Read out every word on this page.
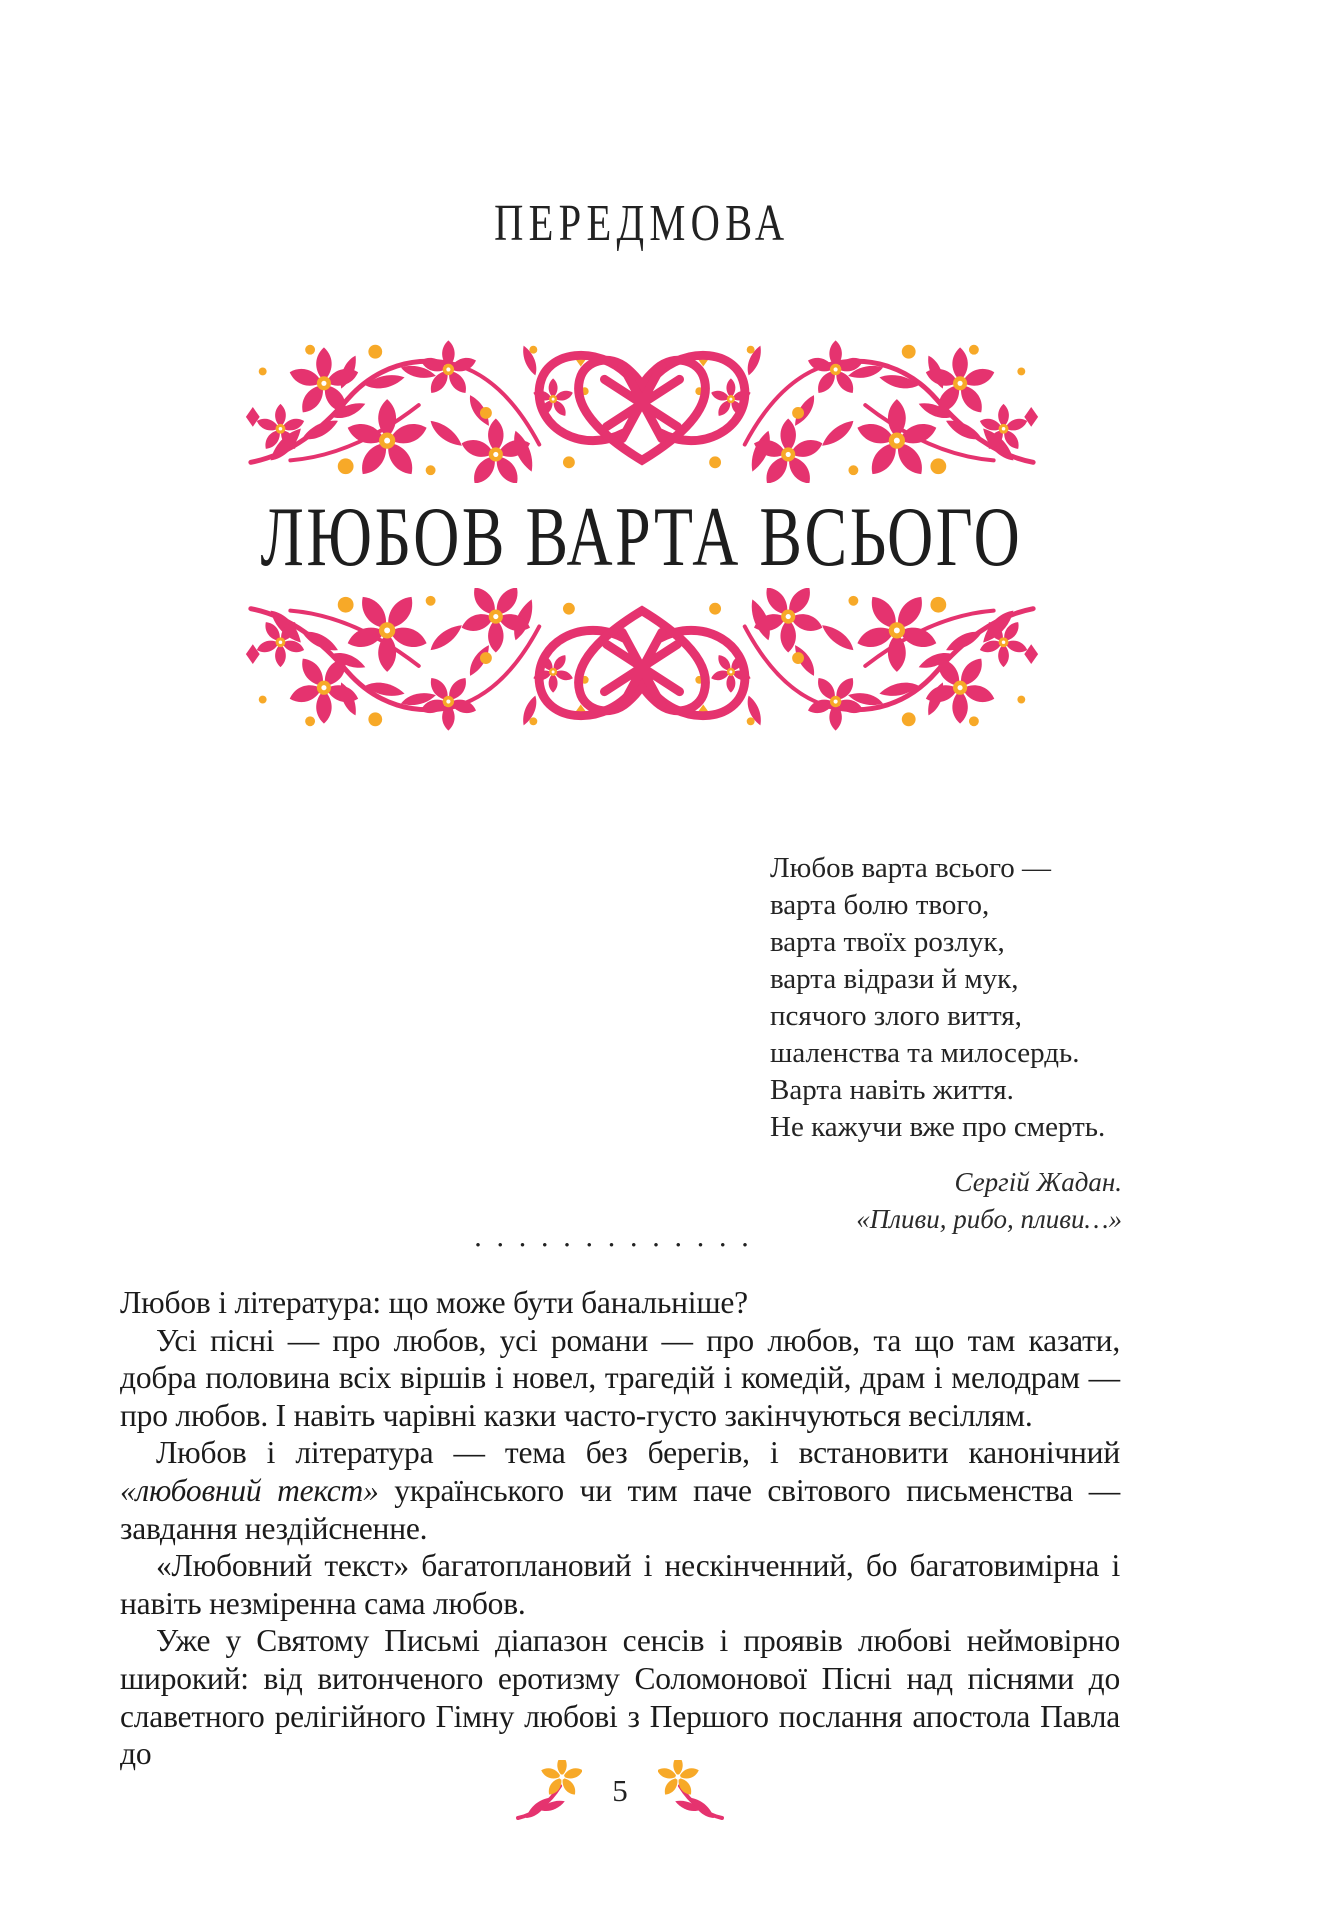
ПЕРЕДМОВА
ЛЮБОВ ВАРТА ВСЬОГО
Любов варта всього —
варта болю твого,
варта твоїх розлук,
варта відрази й мук,
псячого злого виття,
шаленства та милосердь.
Варта навіть життя.
Не кажучи вже про смерть.
Сергій Жадан.
«Пливи, рибо, пливи…»
•••••••••••••

Любов і література: що може бути банальніше?

Усі пісні — про любов, усі романи — про любов, та що там казати, добра половина всіх віршів і новел, трагедій і комедій, драм і мелодрам — про любов. І навіть чарівні казки часто-густо закінчуються весіллям.

Любов і література — тема без берегів, і встановити канонічний «любовний текст» українського чи тим паче світового письменства — завдання нездійсненне.

«Любовний текст» багатоплановий і нескінченний, бо багатовимірна і навіть незміренна сама любов.

Уже у Святому Письмі діапазон сенсів і проявів любові неймовірно широкий: від витонченого еротизму Соломонової Пісні над піснями до славетного релігійного Гімну любові з Першого послання апостола Павла до

5
